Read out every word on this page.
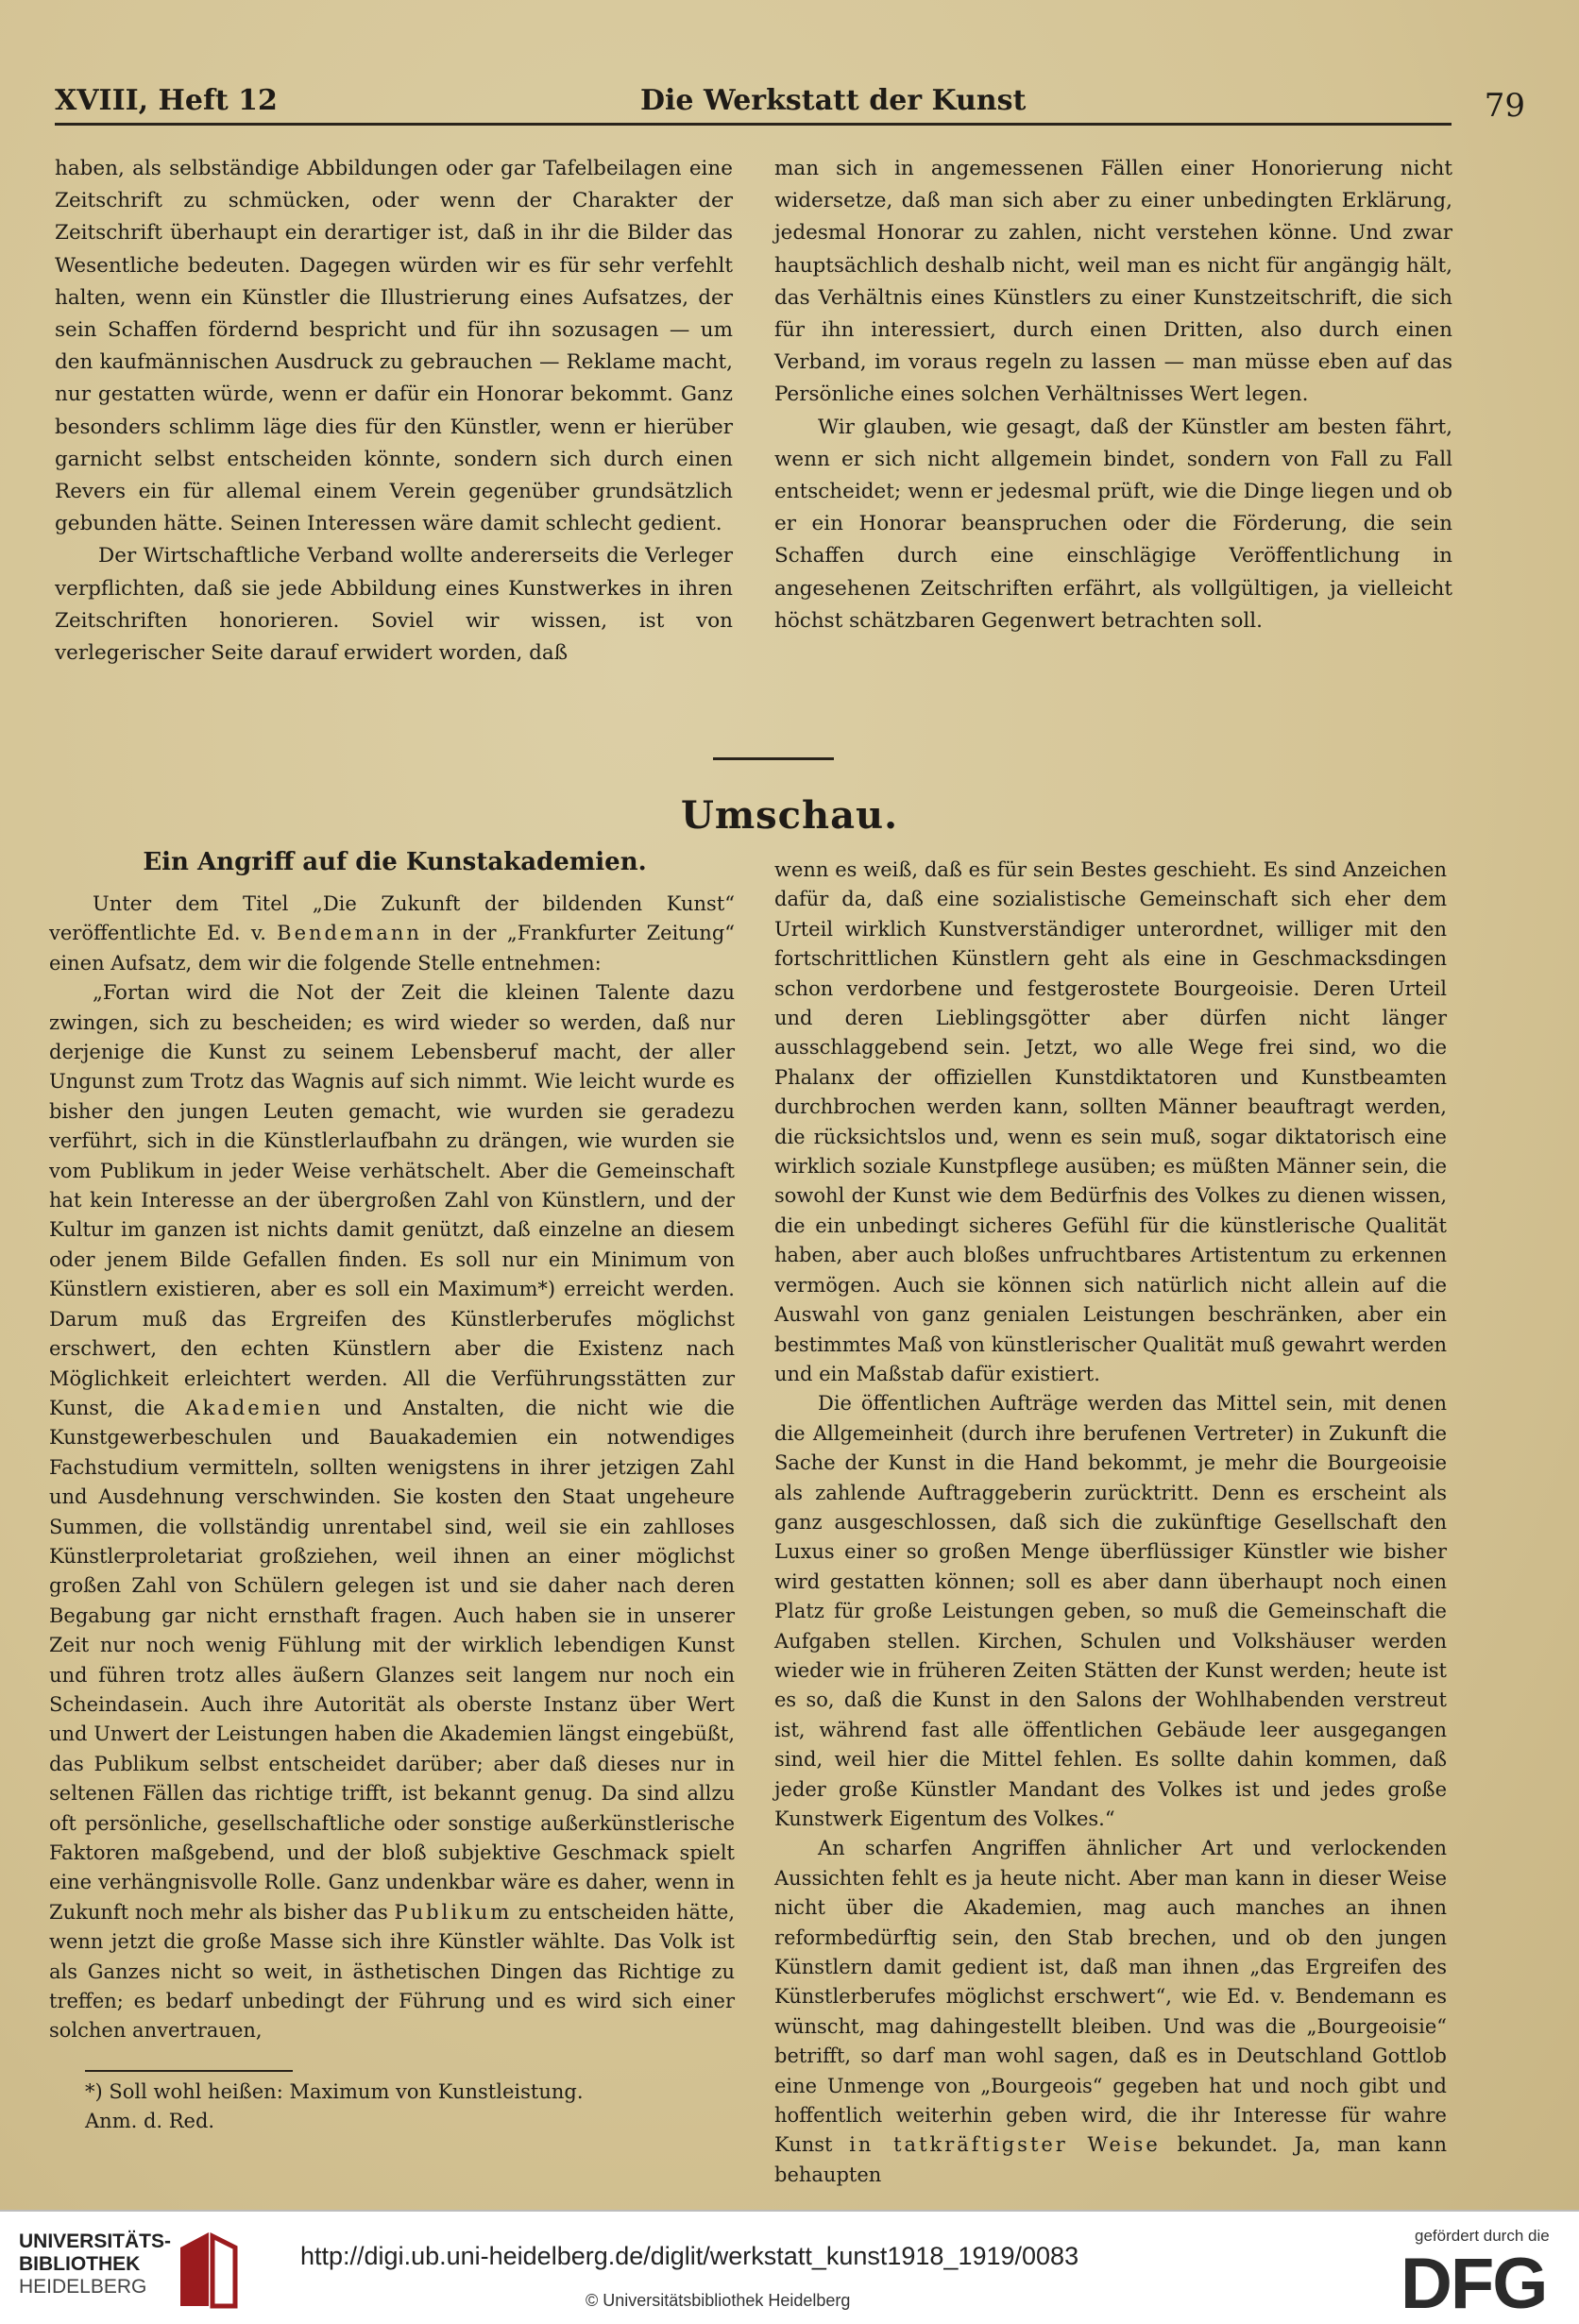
XVIII, Heft 12	Die Werkstatt der Kunst	79

haben, als selbständige Abbildungen oder gar Tafelbeilagen eine Zeitschrift zu schmücken, oder wenn der Charakter der Zeitschrift überhaupt ein derartiger ist, daß in ihr die Bilder das Wesentliche bedeuten. Dagegen würden wir es für sehr verfehlt halten, wenn ein Künstler die Illustrierung eines Aufsatzes, der sein Schaffen fördernd bespricht und für ihn sozusagen — um den kaufmännischen Ausdruck zu gebrauchen — Reklame macht, nur gestatten würde, wenn er dafür ein Honorar bekommt. Ganz besonders schlimm läge dies für den Künstler, wenn er hierüber garnicht selbst entscheiden könnte, sondern sich durch einen Revers ein für allemal einem Verein gegenüber grundsätzlich gebunden hätte. Seinen Interessen wäre damit schlecht gedient.

Der Wirtschaftliche Verband wollte andererseits die Verleger verpflichten, daß sie jede Abbildung eines Kunstwerkes in ihren Zeitschriften honorieren. Soviel wir wissen, ist von verlegerischer Seite darauf erwidert worden, daß

man sich in angemessenen Fällen einer Honorierung nicht widersetze, daß man sich aber zu einer unbedingten Erklärung, jedesmal Honorar zu zahlen, nicht verstehen könne. Und zwar hauptsächlich deshalb nicht, weil man es nicht für angängig hält, das Verhältnis eines Künstlers zu einer Kunstzeitschrift, die sich für ihn interessiert, durch einen Dritten, also durch einen Verband, im voraus regeln zu lassen — man müsse eben auf das Persönliche eines solchen Verhältnisses Wert legen.

Wir glauben, wie gesagt, daß der Künstler am besten fährt, wenn er sich nicht allgemein bindet, sondern von Fall zu Fall entscheidet; wenn er jedesmal prüft, wie die Dinge liegen und ob er ein Honorar beanspruchen oder die Förderung, die sein Schaffen durch eine einschlägige Veröffentlichung in angesehenen Zeitschriften erfährt, als vollgültigen, ja vielleicht höchst schätzbaren Gegenwert betrachten soll.

Umschau.
Ein Angriff auf die Kunstakademien.

Unter dem Titel „Die Zukunft der bildenden Kunst“ veröffentlichte Ed. v. Bendemann in der „Frankfurter Zeitung“ einen Aufsatz, dem wir die folgende Stelle entnehmen:

„Fortan wird die Not der Zeit die kleinen Talente dazu zwingen, sich zu bescheiden; es wird wieder so werden, daß nur derjenige die Kunst zu seinem Lebensberuf macht, der aller Ungunst zum Trotz das Wagnis auf sich nimmt. Wie leicht wurde es bisher den jungen Leuten gemacht, wie wurden sie geradezu verführt, sich in die Künstlerlaufbahn zu drängen, wie wurden sie vom Publikum in jeder Weise verhätschelt. Aber die Gemeinschaft hat kein Interesse an der übergroßen Zahl von Künstlern, und der Kultur im ganzen ist nichts damit genützt, daß einzelne an diesem oder jenem Bilde Gefallen finden. Es soll nur ein Minimum von Künstlern existieren, aber es soll ein Maximum*) erreicht werden. Darum muß das Ergreifen des Künstlerberufes möglichst erschwert, den echten Künstlern aber die Existenz nach Möglichkeit erleichtert werden. All die Verführungsstätten zur Kunst, die Akademien und Anstalten, die nicht wie die Kunstgewerbeschulen und Bauakademien ein notwendiges Fachstudium vermitteln, sollten wenigstens in ihrer jetzigen Zahl und Ausdehnung verschwinden. Sie kosten den Staat ungeheure Summen, die vollständig unrentabel sind, weil sie ein zahlloses Künstlerproletariat großziehen, weil ihnen an einer möglichst großen Zahl von Schülern gelegen ist und sie daher nach deren Begabung gar nicht ernsthaft fragen. Auch haben sie in unserer Zeit nur noch wenig Fühlung mit der wirklich lebendigen Kunst und führen trotz alles äußern Glanzes seit langem nur noch ein Scheindasein. Auch ihre Autorität als oberste Instanz über Wert und Unwert der Leistungen haben die Akademien längst eingebüßt, das Publikum selbst entscheidet darüber; aber daß dieses nur in seltenen Fällen das richtige trifft, ist bekannt genug. Da sind allzu oft persönliche, gesellschaftliche oder sonstige außerkünstlerische Faktoren maßgebend, und der bloß subjektive Geschmack spielt eine verhängnisvolle Rolle. Ganz undenkbar wäre es daher, wenn in Zukunft noch mehr als bisher das Publikum zu entscheiden hätte, wenn jetzt die große Masse sich ihre Künstler wählte. Das Volk ist als Ganzes nicht so weit, in ästhetischen Dingen das Richtige zu treffen; es bedarf unbedingt der Führung und es wird sich einer solchen anvertrauen,

*) Soll wohl heißen: Maximum von Kunstleistung.

Anm. d. Red.

wenn es weiß, daß es für sein Bestes geschieht. Es sind Anzeichen dafür da, daß eine sozialistische Gemeinschaft sich eher dem Urteil wirklich Kunstverständiger unterordnet, williger mit den fortschrittlichen Künstlern geht als eine in Geschmacksdingen schon verdorbene und festgerostete Bourgeoisie. Deren Urteil und deren Lieblingsgötter aber dürfen nicht länger ausschlaggebend sein. Jetzt, wo alle Wege frei sind, wo die Phalanx der offiziellen Kunstdiktatoren und Kunstbeamten durchbrochen werden kann, sollten Männer beauftragt werden, die rücksichtslos und, wenn es sein muß, sogar diktatorisch eine wirklich soziale Kunstpflege ausüben; es müßten Männer sein, die sowohl der Kunst wie dem Bedürfnis des Volkes zu dienen wissen, die ein unbedingt sicheres Gefühl für die künstlerische Qualität haben, aber auch bloßes unfruchtbares Artistentum zu erkennen vermögen. Auch sie können sich natürlich nicht allein auf die Auswahl von ganz genialen Leistungen beschränken, aber ein bestimmtes Maß von künstlerischer Qualität muß gewahrt werden und ein Maßstab dafür existiert.

Die öffentlichen Aufträge werden das Mittel sein, mit denen die Allgemeinheit (durch ihre berufenen Vertreter) in Zukunft die Sache der Kunst in die Hand bekommt, je mehr die Bourgeoisie als zahlende Auftraggeberin zurücktritt. Denn es erscheint als ganz ausgeschlossen, daß sich die zukünftige Gesellschaft den Luxus einer so großen Menge überflüssiger Künstler wie bisher wird gestatten können; soll es aber dann überhaupt noch einen Platz für große Leistungen geben, so muß die Gemeinschaft die Aufgaben stellen. Kirchen, Schulen und Volkshäuser werden wieder wie in früheren Zeiten Stätten der Kunst werden; heute ist es so, daß die Kunst in den Salons der Wohlhabenden verstreut ist, während fast alle öffentlichen Gebäude leer ausgegangen sind, weil hier die Mittel fehlen. Es sollte dahin kommen, daß jeder große Künstler Mandant des Volkes ist und jedes große Kunstwerk Eigentum des Volkes.“

An scharfen Angriffen ähnlicher Art und verlockenden Aussichten fehlt es ja heute nicht. Aber man kann in dieser Weise nicht über die Akademien, mag auch manches an ihnen reformbedürftig sein, den Stab brechen, und ob den jungen Künstlern damit gedient ist, daß man ihnen „das Ergreifen des Künstlerberufes möglichst erschwert“, wie Ed. v. Bendemann es wünscht, mag dahingestellt bleiben. Und was die „Bourgeoisie“ betrifft, so darf man wohl sagen, daß es in Deutschland Gottlob eine Unmenge von „Bourgeois“ gegeben hat und noch gibt und hoffentlich weiterhin geben wird, die ihr Interesse für wahre Kunst in tatkräftigster Weise bekundet. Ja, man kann behaupten

UNIVERSITÄTS-
BIBLIOTHEK
HEIDELBERG
http://digi.ub.uni-heidelberg.de/diglit/werkstatt_kunst1918_1919/0083
© Universitätsbibliothek Heidelberg
gefördert durch die
DFG
